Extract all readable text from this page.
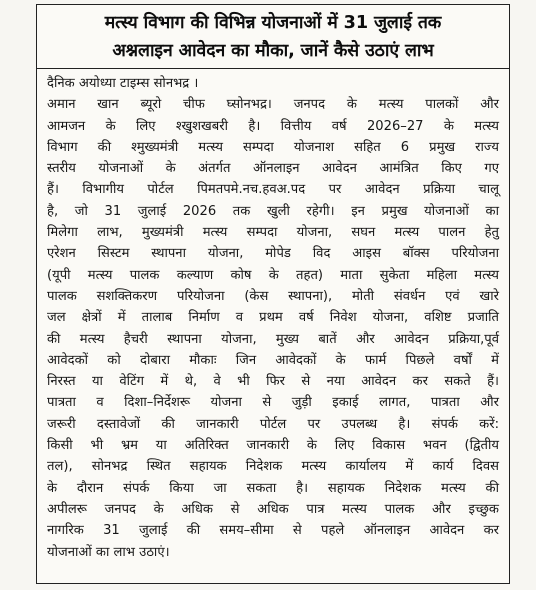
मत्स्य विभाग की विभिन्न योजनाओं में 31 जुलाई तक
अश्नलाइन आवेदन का मौका, जानें कैसे उठाएं लाभ
दैनिक अयोध्या टाइम्स सोनभद्र ।
अमान खान ब्यूरो चीफ घ्सोनभद्र। जनपद के मत्स्य पालकों और
आमजन के लिए श्खुशखबरी है। वित्तीय वर्ष 2026–27 के मत्स्य
विभाग की श्मुख्यमंत्री मत्स्य सम्पदा योजनाश सहित 6 प्रमुख राज्य
स्तरीय योजनाओं के अंतर्गत ऑनलाइन आवेदन आमंत्रित किए गए
हैं। विभागीय पोर्टल पिमतपमे.नच.हवअ.पद पर आवेदन प्रक्रिया चालू
है, जो 31 जुलाई 2026 तक खुली रहेगी। इन प्रमुख योजनाओं का
मिलेगा लाभ, मुख्यमंत्री मत्स्य सम्पदा योजना, सघन मत्स्य पालन हेतु
एरेशन सिस्टम स्थापना योजना, मोपेड विद आइस बॉक्स परियोजना
(यूपी मत्स्य पालक कल्याण कोष के तहत) माता सुकेता महिला मत्स्य
पालक सशक्तिकरण परियोजना (केस स्थापना), मोती संवर्धन एवं खारे
जल क्षेत्रों में तालाब निर्माण व प्रथम वर्ष निवेश योजना, वशिष्ट प्रजाति
की मत्स्य हैचरी स्थापना योजना, मुख्य बातें और आवेदन प्रक्रिया,पूर्व
आवेदकों को दोबारा मौकाः जिन आवेदकों के फार्म पिछले वर्षों में
निरस्त या वेटिंग में थे, वे भी फिर से नया आवेदन कर सकते हैं।
पात्रता व दिशा–निर्देशरू योजना से जुड़ी इकाई लागत, पात्रता और
जरूरी दस्तावेजों की जानकारी पोर्टल पर उपलब्ध है। संपर्क करें:
किसी भी भ्रम या अतिरिक्त जानकारी के लिए विकास भवन (द्वितीय
तल), सोनभद्र स्थित सहायक निदेशक मत्स्य कार्यालय में कार्य दिवस
के दौरान संपर्क किया जा सकता है। सहायक निदेशक मत्स्य की
अपीलरू जनपद के अधिक से अधिक पात्र मत्स्य पालक और इच्छुक
नागरिक 31 जुलाई की समय–सीमा से पहले ऑनलाइन आवेदन कर
योजनाओं का लाभ उठाएं।
